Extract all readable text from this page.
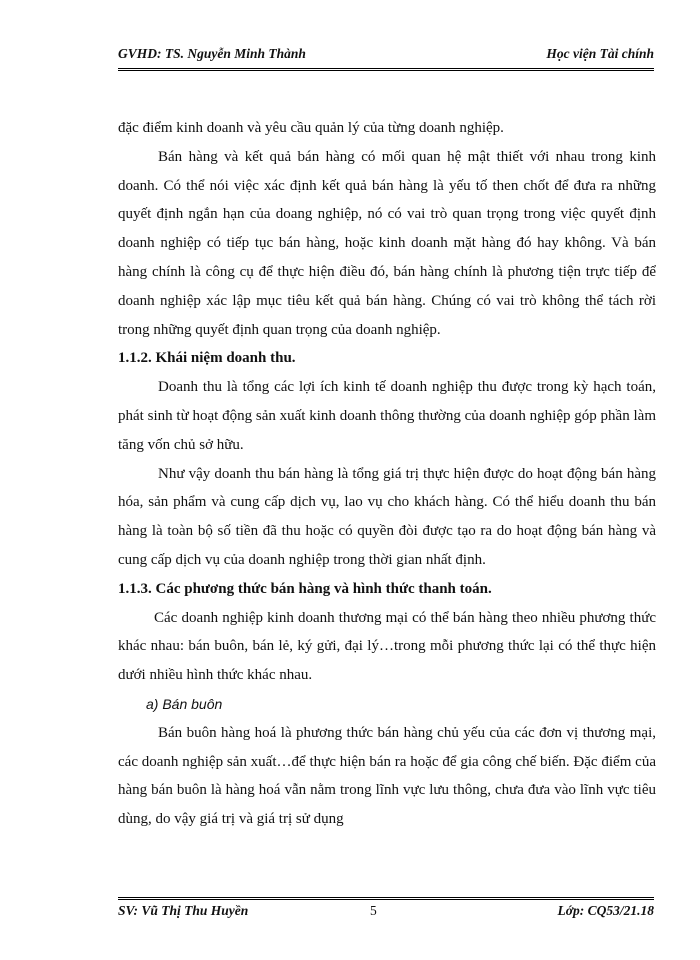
GVHD: TS. Nguyễn Minh Thành	Học viện Tài chính

đặc điểm kinh doanh và yêu cầu quản lý của từng doanh nghiệp.

Bán hàng và kết quả bán hàng có mối quan hệ mật thiết với nhau trong kinh doanh. Có thể nói việc xác định kết quả bán hàng là yếu tố then chốt để đưa ra những quyết định ngắn hạn của doang nghiệp, nó có vai trò quan trọng trong việc quyết định doanh nghiệp có tiếp tục bán hàng, hoặc kinh doanh mặt hàng đó hay không. Và bán hàng chính là công cụ để thực hiện điều đó, bán hàng chính là phương tiện trực tiếp để doanh nghiệp xác lập mục tiêu kết quả bán hàng. Chúng có vai trò không thể tách rời trong những quyết định quan trọng của doanh nghiệp.

1.1.2. Khái niệm doanh thu.

Doanh thu là tổng các lợi ích kinh tế doanh nghiệp thu được trong kỳ hạch toán, phát sinh từ hoạt động sản xuất kinh doanh thông thường của doanh nghiệp góp phần làm tăng vốn chủ sở hữu.

Như vậy doanh thu bán hàng là tổng giá trị thực hiện được do hoạt động bán hàng hóa, sản phẩm và cung cấp dịch vụ, lao vụ cho khách hàng. Có thể hiểu doanh thu bán hàng là toàn bộ số tiền đã thu hoặc có quyền đòi được tạo ra do hoạt động bán hàng và cung cấp dịch vụ của doanh nghiệp trong thời gian nhất định.

1.1.3. Các phương thức bán hàng và hình thức thanh toán.

Các doanh nghiệp kinh doanh thương mại có thể bán hàng theo nhiều phương thức khác nhau: bán buôn, bán lẻ, ký gửi, đại lý…trong mỗi phương thức lại có thể thực hiện dưới nhiều hình thức khác nhau.

a) Bán buôn

Bán buôn hàng hoá là phương thức bán hàng chủ yếu của các đơn vị thương mại, các doanh nghiệp sản xuất…để thực hiện bán ra hoặc để gia công chế biến. Đặc điểm của hàng bán buôn là hàng hoá vẫn nằm trong lĩnh vực lưu thông, chưa đưa vào lĩnh vực tiêu dùng, do vậy giá trị và giá trị sử dụng

SV: Vũ Thị Thu Huyền	5	Lớp: CQ53/21.18
